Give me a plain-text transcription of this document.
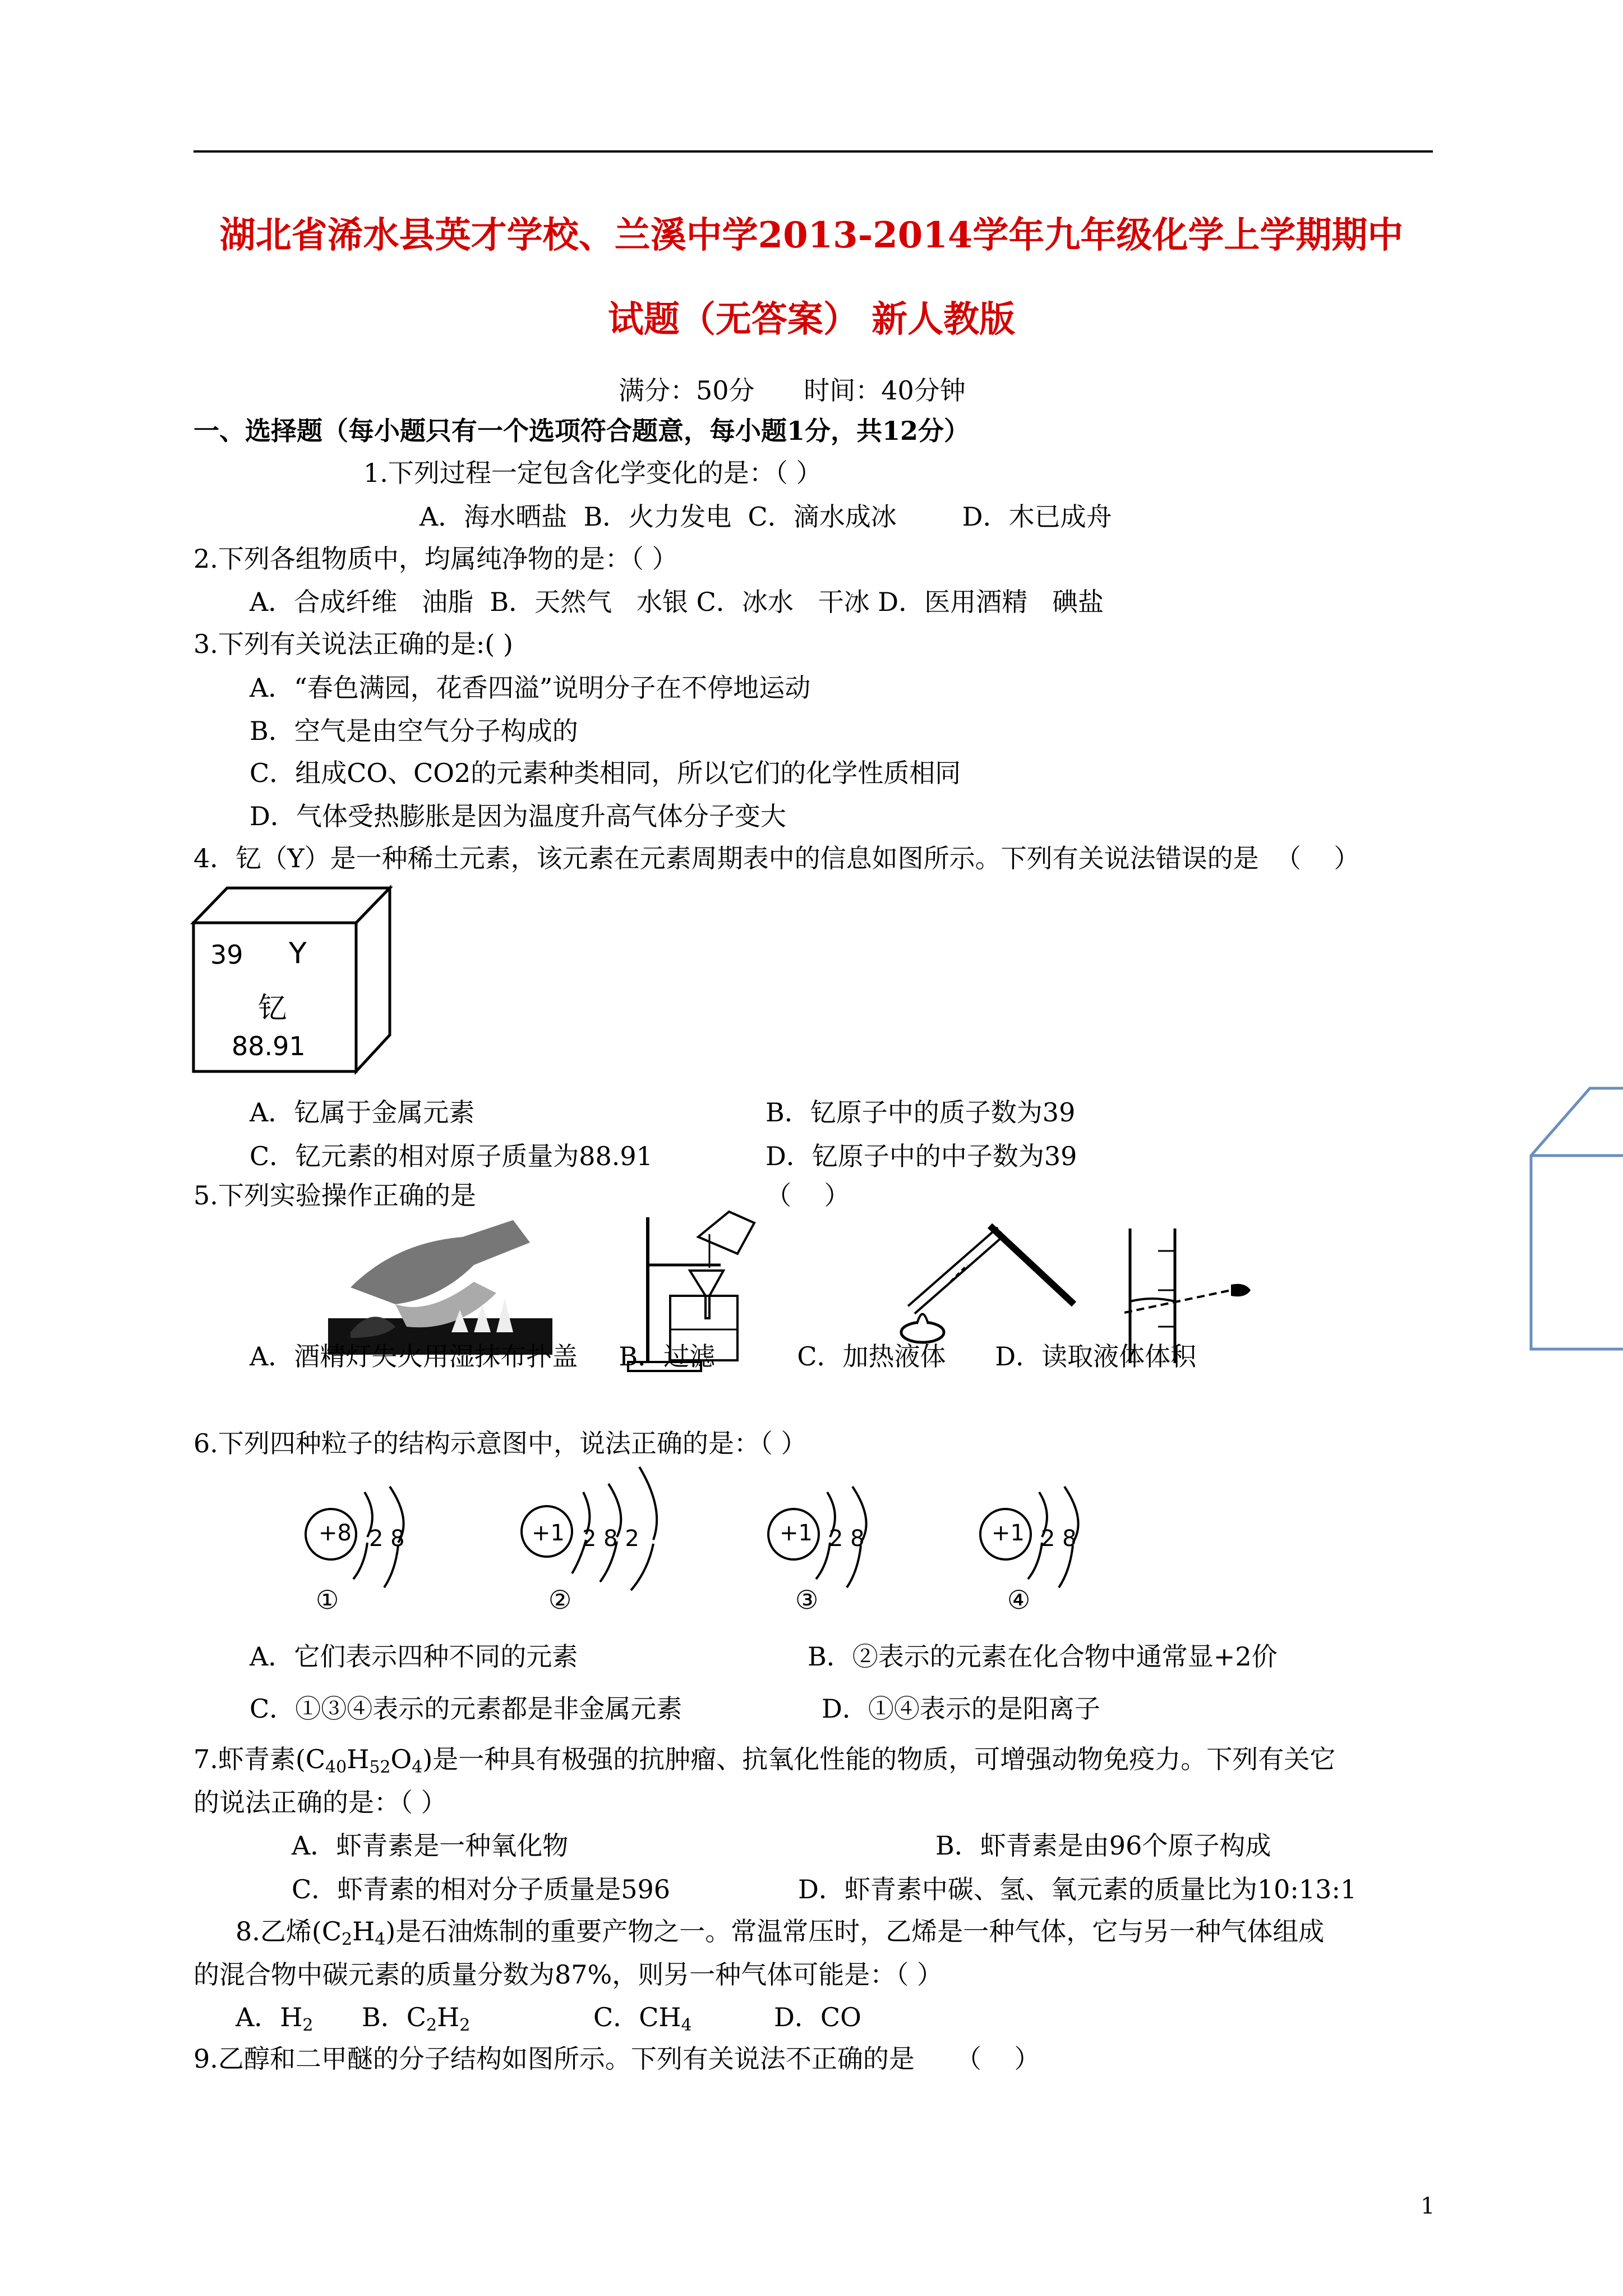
湖北省浠水县英才学校、兰溪中学2013-2014学年九年级化学上学期期中
试题（无答案） 新人教版
满分：50分      时间：40分钟
一、选择题（每小题只有一个选项符合题意，每小题1分，共12分）
1.下列过程一定包含化学变化的是：（ ）
A．海水晒盐  B．火力发电  C．滴水成冰        D．木已成舟
2.下列各组物质中，均属纯净物的是：（ ）
A．合成纤维   油脂  B．天然气   水银 C．冰水   干冰 D．医用酒精   碘盐
3.下列有关说法正确的是:( )
A．“春色满园，花香四溢”说明分子在不停地运动
B．空气是由空气分子构成的
C．组成CO、CO2的元素种类相同，所以它们的化学性质相同
D．气体受热膨胀是因为温度升高气体分子变大
4．钇（Y）是一种稀土元素，该元素在元素周期表中的信息如图所示。下列有关说法错误的是  （    ）
39 Y
钇
88.91
A．钇属于金属元素	B．钇原子中的质子数为39
C．钇元素的相对原子质量为88.91	D．钇原子中的中子数为39
5.下列实验操作正确的是	（    ）
A．酒精灯失火用湿抹布扑盖     B．过滤          C．加热液体      D．读取液体体积
6.下列四种粒子的结构示意图中，说法正确的是：（ ）
+8 2 8
①
+1 2 8 2
②
+1 2 8
③
+1 2 8
④
A．它们表示四种不同的元素	B．②表示的元素在化合物中通常显+2价
C．①③④表示的元素都是非金属元素	D．①④表示的是阳离子
7.虾青素$(C_{40}H_{52}O_4)$是一种具有极强的抗肿瘤、抗氧化性能的物质，可增强动物免疫力。下列有关它
的说法正确的是：（ ）
A．虾青素是一种氧化物	B．虾青素是由96个原子构成
C．虾青素的相对分子质量是596	D．虾青素中碳、氢、氧元素的质量比为10:13:1
8.乙烯$(C_2H_4)$是石油炼制的重要产物之一。常温常压时，乙烯是一种气体，它与另一种气体组成
的混合物中碳元素的质量分数为87%，则另一种气体可能是：（ ）
A．$H_2$ B．$C_2H_2$	C．$CH_4$	D．CO
9.乙醇和二甲醚的分子结构如图所示。下列有关说法不正确的是     （    ）
1
